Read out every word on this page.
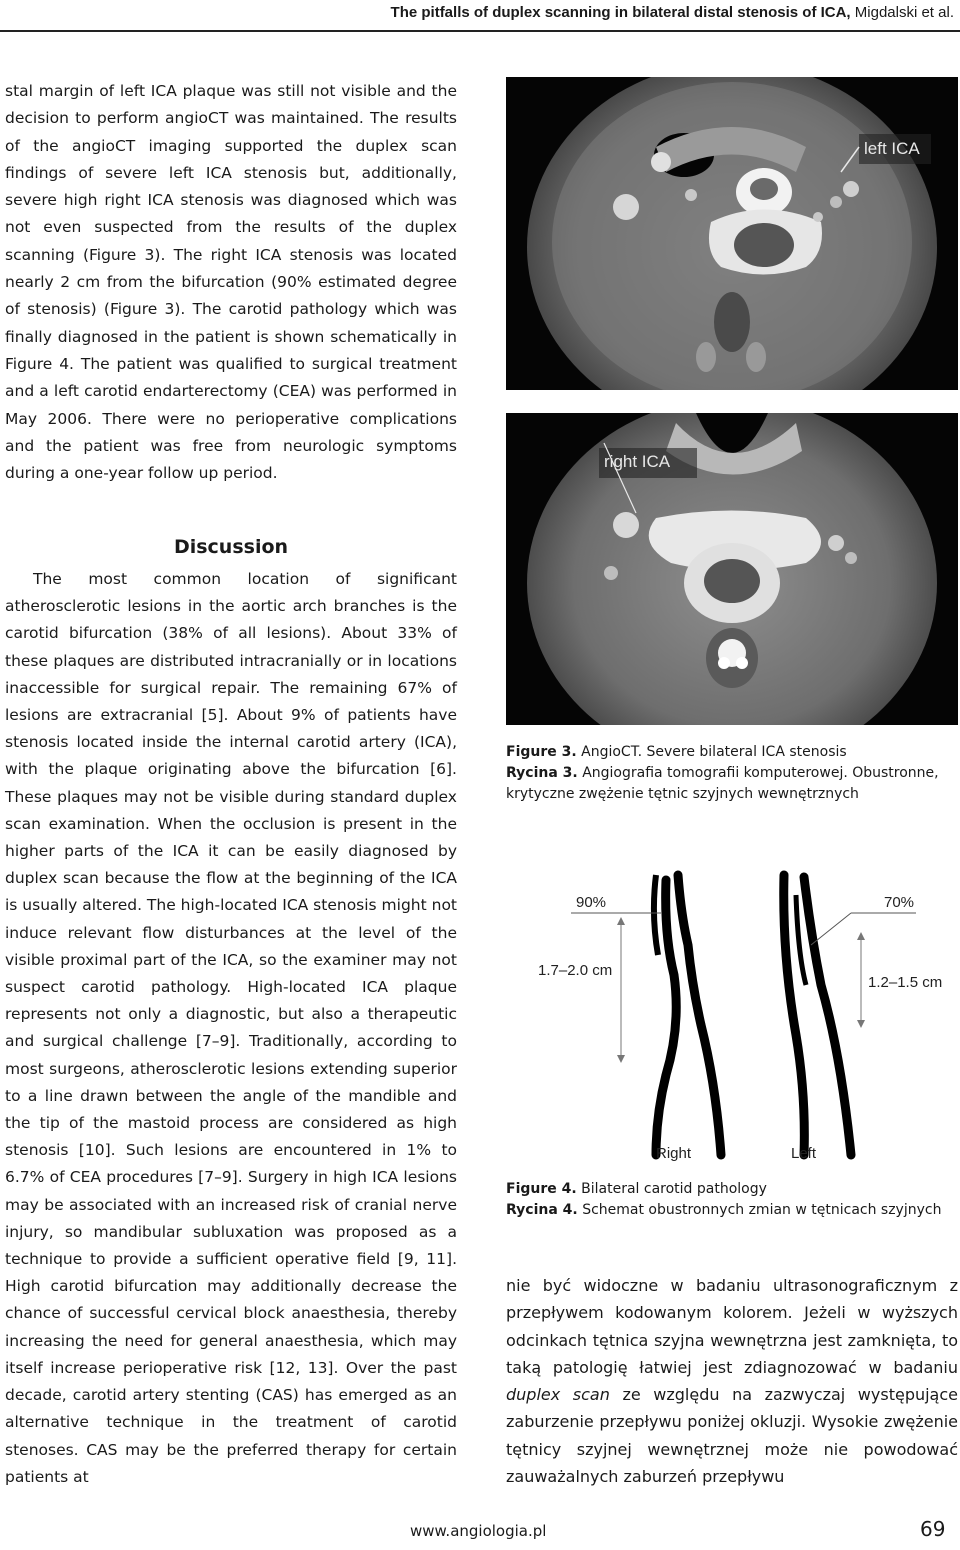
The pitfalls of duplex scanning in bilateral distal stenosis of ICA, Migdalski et al.
stal margin of left ICA plaque was still not visible and the decision to perform angioCT was maintained. The results of the angioCT imaging supported the duplex scan findings of severe left ICA stenosis but, additionally, severe high right ICA stenosis was diagnosed which was not even suspected from the results of the duplex scanning (Figure 3). The right ICA stenosis was located nearly 2 cm from the bifurcation (90% estimated degree of stenosis) (Figure 3). The carotid pathology which was finally diagnosed in the patient is shown schematically in Figure 4. The patient was qualified to surgical treatment and a left carotid endarterectomy (CEA) was performed in May 2006. There were no perioperative complications and the patient was free from neurologic symptoms during a one-year follow up period.
Discussion
The most common location of significant atherosclerotic lesions in the aortic arch branches is the carotid bifurcation (38% of all lesions). About 33% of these plaques are distributed intracranially or in locations inaccessible for surgical repair. The remaining 67% of lesions are extracranial [5]. About 9% of patients have stenosis located inside the internal carotid artery (ICA), with the plaque originating above the bifurcation [6]. These plaques may not be visible during standard duplex scan examination. When the occlusion is present in the higher parts of the ICA it can be easily diagnosed by duplex scan because the flow at the beginning of the ICA is usually altered. The high-located ICA stenosis might not induce relevant flow disturbances at the level of the visible proximal part of the ICA, so the examiner may not suspect carotid pathology. High-located ICA plaque represents not only a diagnostic, but also a therapeutic and surgical challenge [7–9]. Traditionally, according to most surgeons, atherosclerotic lesions extending superior to a line drawn between the angle of the mandible and the tip of the mastoid process are considered as high stenosis [10]. Such lesions are encountered in 1% to 6.7% of CEA procedures [7–9]. Surgery in high ICA lesions may be associated with an increased risk of cranial nerve injury, so mandibular subluxation was proposed as a technique to provide a sufficient operative field [9, 11]. High carotid bifurcation may additionally decrease the chance of successful cervical block anaesthesia, thereby increasing the need for general anaesthesia, which may itself increase perioperative risk [12, 13]. Over the past decade, carotid artery stenting (CAS) has emerged as an alternative technique in the treatment of carotid stenoses. CAS may be the preferred therapy for certain patients at
left ICA
right ICA
Figure 3. AngioCT. Severe bilateral ICA stenosis
Rycina 3. Angiografia tomografii komputerowej. Obustronne, krytyczne zwężenie tętnic szyjnych wewnętrznych
90%	70%
1.7–2.0 cm
1.2–1.5 cm
Right	Left
Figure 4. Bilateral carotid pathology
Rycina 4. Schemat obustronnych zmian w tętnicach szyjnych
nie być widoczne w badaniu ultrasonograficznym z przepływem kodowanym kolorem. Jeżeli w wyższych odcinkach tętnica szyjna wewnętrzna jest zamknięta, to taką patologię łatwiej jest zdiagnozować w badaniu duplex scan ze względu na zazwyczaj występujące zaburzenie przepływu poniżej okluzji. Wysokie zwężenie tętnicy szyjnej wewnętrznej może nie powodować zauważalnych zaburzeń przepływu
www.angiologia.pl	69
